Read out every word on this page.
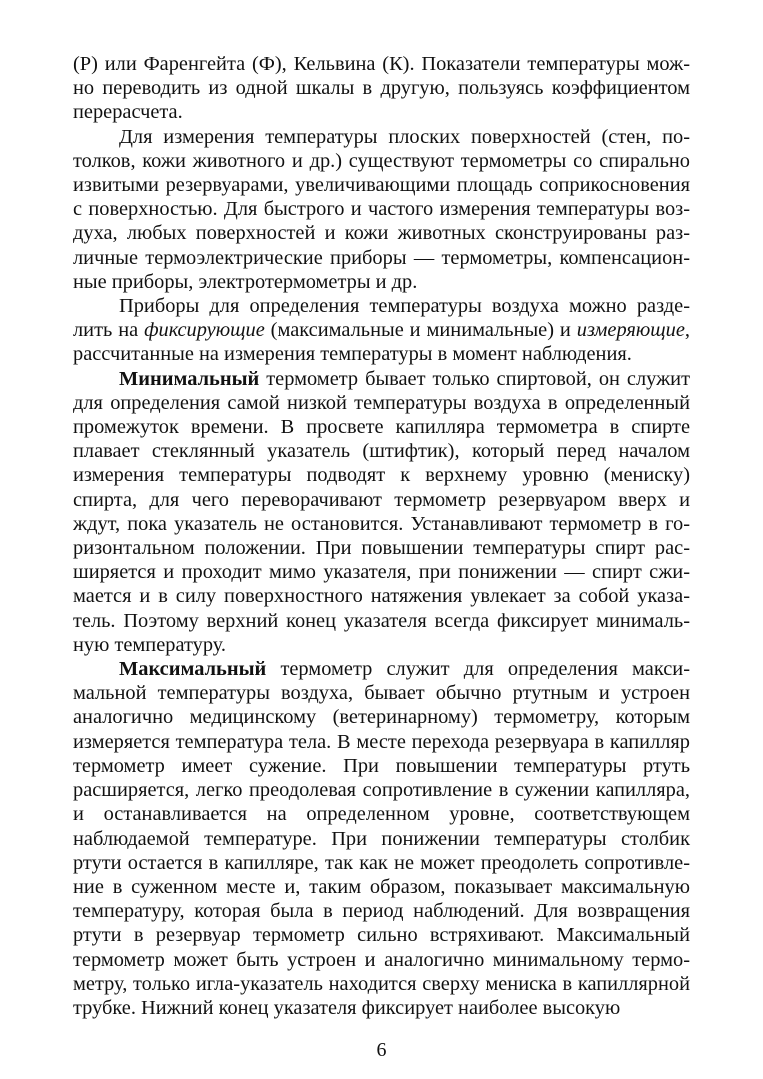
(Р) или Фаренгейта (Ф), Кельвина (К). Показатели температуры можно переводить из одной шкалы в другую, пользуясь коэффициентом перерасчета.

Для измерения температуры плоских поверхностей (стен, потолков, кожи животного и др.) существуют термометры со спирально извитыми резервуарами, увеличивающими площадь соприкосновения с поверхностью. Для быстрого и частого измерения температуры воздуха, любых поверхностей и кожи животных сконструированы различные термоэлектрические приборы — термометры, компенсационные приборы, электротермометры и др.

Приборы для определения температуры воздуха можно разделить на фиксирующие (максимальные и минимальные) и измеряющие, рассчитанные на измерения температуры в момент наблюдения.

Минимальный термометр бывает только спиртовой, он служит для определения самой низкой температуры воздуха в определенный промежуток времени. В просвете капилляра термометра в спирте плавает стеклянный указатель (штифтик), который перед началом измерения температуры подводят к верхнему уровню (мениску) спирта, для чего переворачивают термометр резервуаром вверх и ждут, пока указатель не остановится. Устанавливают термометр в горизонтальном положении. При повышении температуры спирт расширяется и проходит мимо указателя, при понижении — спирт сжимается и в силу поверхностного натяжения увлекает за собой указатель. Поэтому верхний конец указателя всегда фиксирует минимальную температуру.

Максимальный термометр служит для определения максимальной температуры воздуха, бывает обычно ртутным и устроен аналогично медицинскому (ветеринарному) термометру, которым измеряется температура тела. В месте перехода резервуара в капилляр термометр имеет сужение. При повышении температуры ртуть расширяется, легко преодолевая сопротивление в сужении капилляра, и останавливается на определенном уровне, соответствующем наблюдаемой температуре. При понижении температуры столбик ртути остается в капилляре, так как не может преодолеть сопротивление в суженном месте и, таким образом, показывает максимальную температуру, которая была в период наблюдений. Для возвращения ртути в резервуар термометр сильно встряхивают. Максимальный термометр может быть устроен и аналогично минимальному термометру, только игла-указатель находится сверху мениска в капиллярной трубке. Нижний конец указателя фиксирует наиболее высокую

6
